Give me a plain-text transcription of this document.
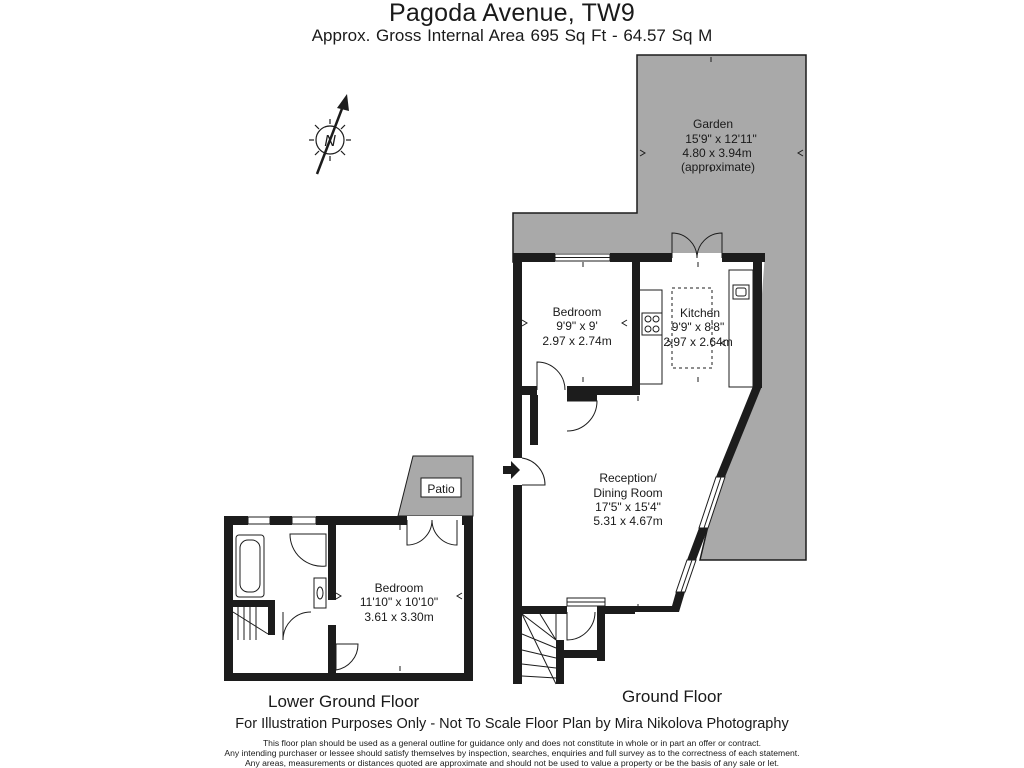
Pagoda Avenue, TW9
Approx. Gross Internal Area 695 Sq Ft - 64.57 Sq M
Garden
15'9" x 12'11"
4.80 x 3.94m
(approximate)
Bedroom
9'9" x 9'
2.97 x 2.74m
Kitchen
9'9" x 8'8"
2.97 x 2.64m
Reception/
Dining Room
17'5" x 15'4"
5.31 x 4.67m
Patio
Bedroom
11'10" x 10'10"
3.61 x 3.30m
N
Lower Ground Floor	Ground Floor
For Illustration Purposes Only - Not To Scale Floor Plan by Mira Nikolova Photography
This floor plan should be used as a general outline for guidance only and does not constitute in whole or in part an offer or contract.
Any intending purchaser or lessee should satisfy themselves by inspection, searches, enquiries and full survey as to the correctness of each statement.
Any areas, measurements or distances quoted are approximate and should not be used to value a property or be the basis of any sale or let.
